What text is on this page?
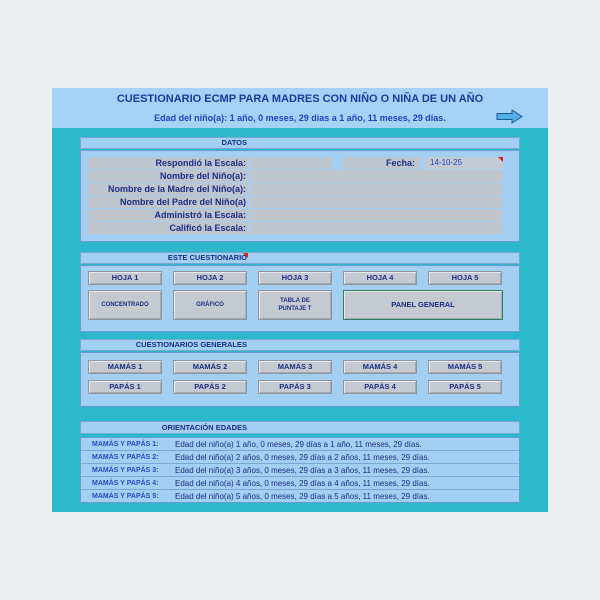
CUESTIONARIO ECMP PARA MADRES CON NIÑO O NIÑA DE UN AÑO
Edad del niño(a): 1 año, 0 meses, 29 días a 1 año, 11 meses, 29 días.
DATOS
Respondió la Escala:	Fecha:	14-10-25
Nombre del Niño(a):
Nombre de la Madre del Niño(a):
Nombre del Padre del Niño(a)
Administró la Escala:
Calificó la Escala:
ESTE CUESTIONARIO
HOJA 1	HOJA 2	HOJA 3	HOJA 4	HOJA 5
CONCENTRADO	GRÁFICO
TABLA DE
PUNTAJE T	PANEL GENERAL
CUESTIONARIOS GENERALES
MAMÁS 1	MAMÁS 2	MAMÁS 3	MAMÁS 4	MAMÁS 5
PAPÁS 1	PAPÁS 2	PAPÁS 3	PAPÁS 4	PAPÁS 5
ORIENTACIÓN EDADES
MAMÁS Y PAPÁS 1: Edad del niño(a) 1 año, 0 meses, 29 días a 1 año, 11 meses, 29 días.
MAMÁS Y PAPÁS 2: Edad del niño(a) 2 años, 0 meses, 29 días a 2 años, 11 meses, 29 días.
MAMÁS Y PAPÁS 3: Edad del niño(a) 3 años, 0 meses, 29 días a 3 años, 11 meses, 29 días.
MAMÁS Y PAPÁS 4: Edad del niño(a) 4 años, 0 meses, 29 días a 4 años, 11 meses, 29 días.
MAMÁS Y PAPÁS 5: Edad del niño(a) 5 años, 0 meses, 29 días a 5 años, 11 meses, 29 días.
